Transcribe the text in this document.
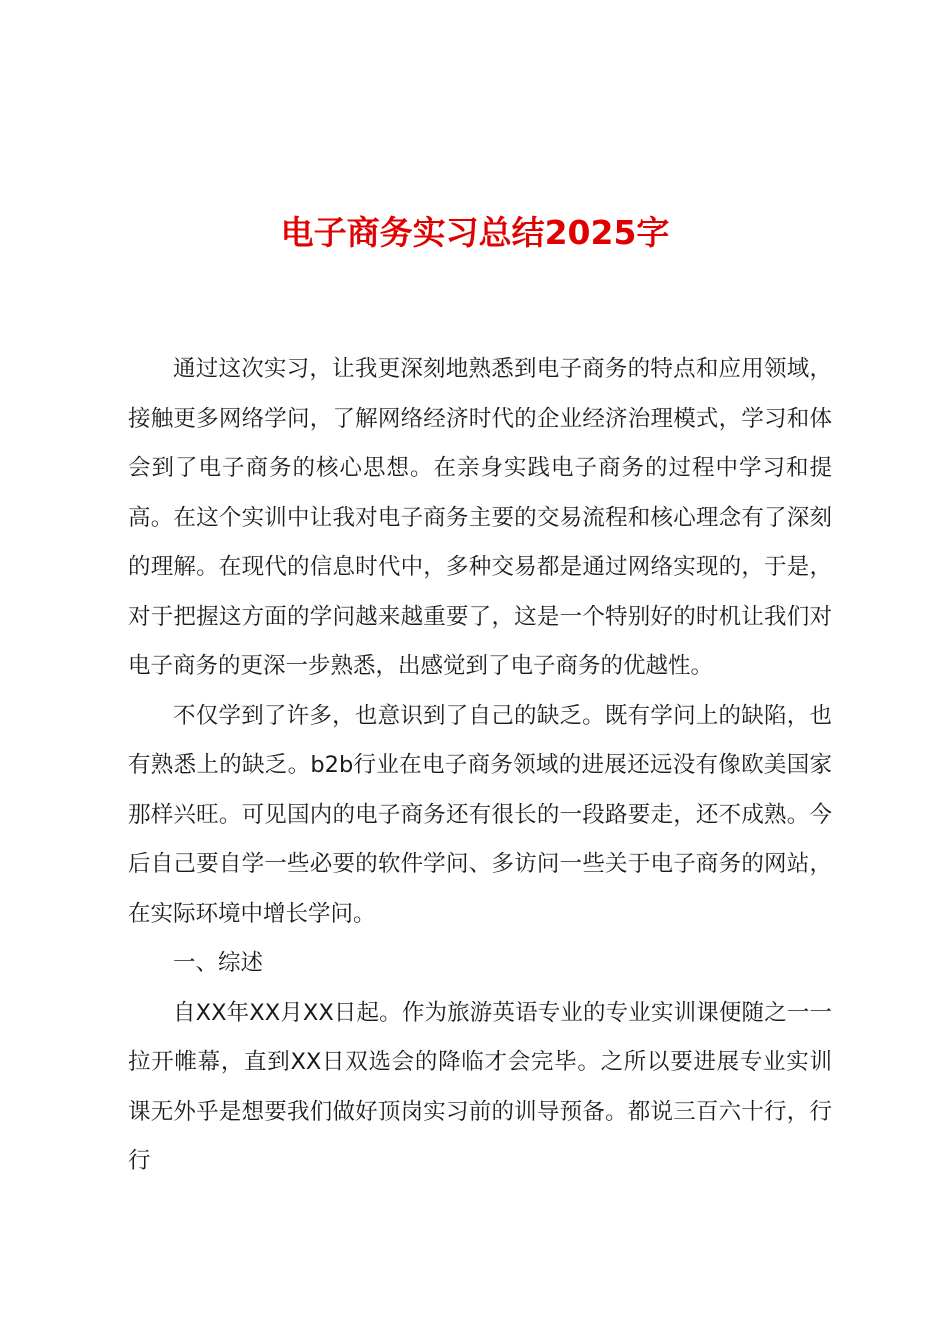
电子商务实习总结2025字

通过这次实习，让我更深刻地熟悉到电子商务的特点和应用领域，接触更多网络学问，了解网络经济时代的企业经济治理模式，学习和体会到了电子商务的核心思想。在亲身实践电子商务的过程中学习和提高。在这个实训中让我对电子商务主要的交易流程和核心理念有了深刻的理解。在现代的信息时代中，多种交易都是通过网络实现的，于是，对于把握这方面的学问越来越重要了，这是一个特别好的时机让我们对电子商务的更深一步熟悉，出感觉到了电子商务的优越性。

不仅学到了许多，也意识到了自己的缺乏。既有学问上的缺陷，也有熟悉上的缺乏。b2b行业在电子商务领域的进展还远没有像欧美国家那样兴旺。可见国内的电子商务还有很长的一段路要走，还不成熟。今后自己要自学一些必要的软件学问、多访问一些关于电子商务的网站，在实际环境中增长学问。

一、综述

自XX年XX月XX日起。作为旅游英语专业的专业实训课便随之一一拉开帷幕，直到XX日双选会的降临才会完毕。之所以要进展专业实训课无外乎是想要我们做好顶岗实习前的训导预备。都说三百六十行，行行
